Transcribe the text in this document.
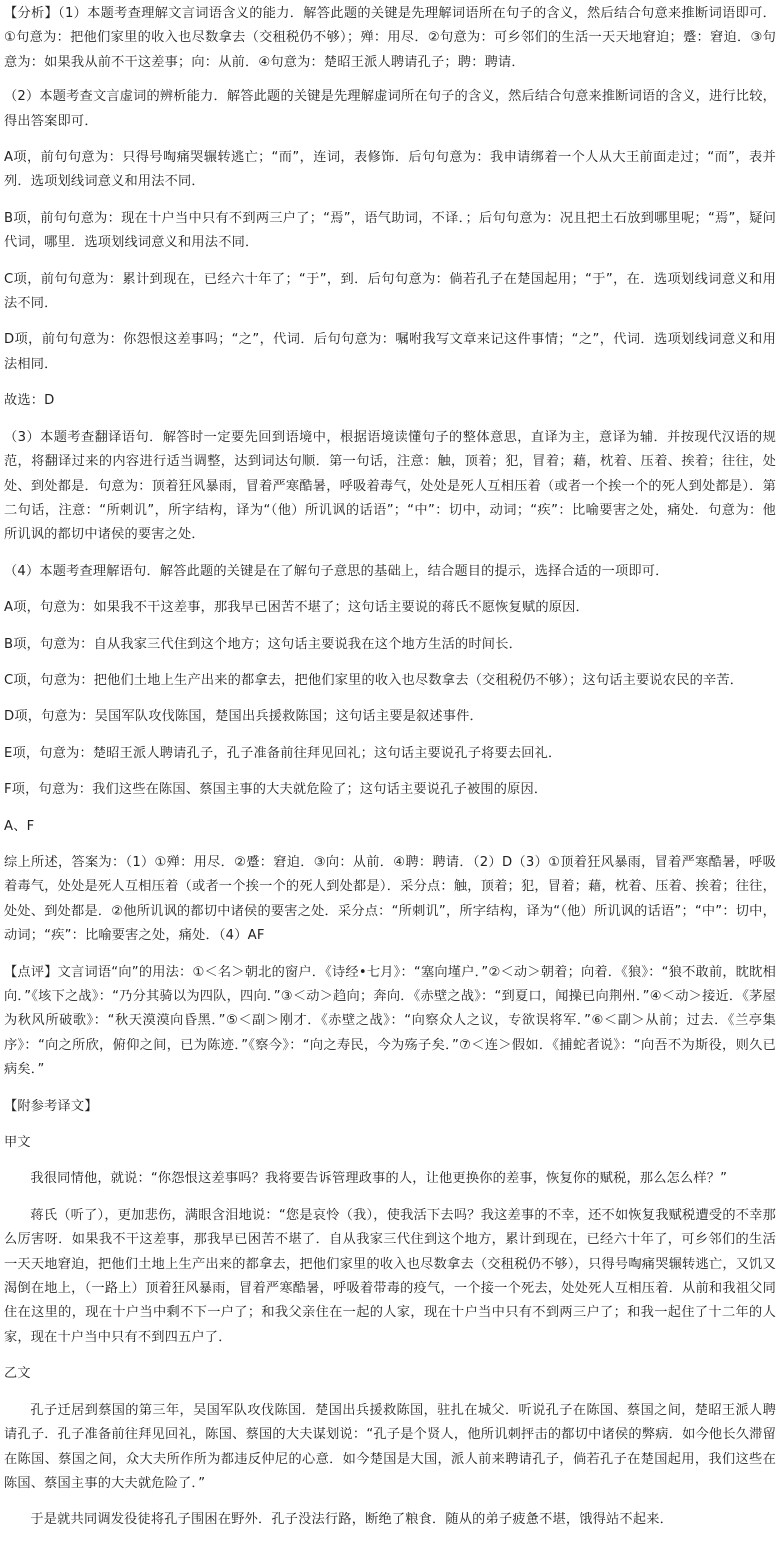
【分析】（1）本题考查理解文言词语含义的能力．解答此题的关键是先理解词语所在句子的含义，然后结合句意来推断词语即可．①句意为：把他们家里的收入也尽数拿去（交租税仍不够）；殚：用尽．②句意为：可乡邻们的生活一天天地窘迫；蹙：窘迫．③句意为：如果我从前不干这差事；向：从前．④句意为：楚昭王派人聘请孔子；聘：聘请．

（2）本题考查文言虚词的辨析能力．解答此题的关键是先理解虚词所在句子的含义，然后结合句意来推断词语的含义，进行比较，得出答案即可．

A项，前句句意为：只得号啕痛哭辗转逃亡；“而”，连词，表修饰．后句句意为：我申请绑着一个人从大王前面走过；“而”，表并列．选项划线词意义和用法不同．

B项，前句句意为：现在十户当中只有不到两三户了；“焉”，语气助词，不译．；后句句意为：况且把土石放到哪里呢；“焉”，疑问代词，哪里．选项划线词意义和用法不同．

C项，前句句意为：累计到现在，已经六十年了；“于”，到．后句句意为：倘若孔子在楚国起用；“于”，在．选项划线词意义和用法不同．

D项，前句句意为：你怨恨这差事吗；“之”，代词．后句句意为：嘱咐我写文章来记这件事情；“之”，代词．选项划线词意义和用法相同．

故选：D

（3）本题考查翻译语句．解答时一定要先回到语境中，根据语境读懂句子的整体意思，直译为主，意译为辅．并按现代汉语的规范，将翻译过来的内容进行适当调整，达到词达句顺．第一句话，注意：触，顶着；犯，冒着；藉，枕着、压着、挨着；往往，处处、到处都是．句意为：顶着狂风暴雨，冒着严寒酷暑，呼吸着毒气，处处是死人互相压着（或者一个挨一个的死人到处都是）．第二句话，注意：“所刺讥”，所字结构，译为“（他）所讥讽的话语”；“中”：切中，动词；“疾”：比喻要害之处，痛处．句意为：他所讥讽的都切中诸侯的要害之处．

（4）本题考查理解语句．解答此题的关键是在了解句子意思的基础上，结合题目的提示，选择合适的一项即可．

A项，句意为：如果我不干这差事，那我早已困苦不堪了；这句话主要说的蒋氏不愿恢复赋的原因．

B项，句意为：自从我家三代住到这个地方；这句话主要说我在这个地方生活的时间长．

C项，句意为：把他们土地上生产出来的都拿去，把他们家里的收入也尽数拿去（交租税仍不够）；这句话主要说农民的辛苦．

D项，句意为：吴国军队攻伐陈国，楚国出兵援救陈国；这句话主要是叙述事件．

E项，句意为：楚昭王派人聘请孔子，孔子准备前往拜见回礼；这句话主要说孔子将要去回礼．

F项，句意为：我们这些在陈国、蔡国主事的大夫就危险了；这句话主要说孔子被围的原因．

A、F

综上所述，答案为：（1）①殚：用尽．②蹙：窘迫．③向：从前．④聘：聘请．（2）D（3）①顶着狂风暴雨，冒着严寒酷暑，呼吸着毒气，处处是死人互相压着（或者一个挨一个的死人到处都是）．采分点：触，顶着；犯，冒着；藉，枕着、压着、挨着；往往，处处、到处都是．②他所讥讽的都切中诸侯的要害之处．采分点：“所刺讥”，所字结构，译为“（他）所讥讽的话语”；“中”：切中，动词；“疾”：比喻要害之处，痛处．（4）AF

【点评】文言词语“向”的用法：①＜名＞朝北的窗户．《诗经•七月》：“塞向墐户．”②＜动＞朝着；向着．《狼》：“狼不敢前，眈眈相向．”《垓下之战》：“乃分其骑以为四队，四向．”③＜动＞趋向；奔向．《赤壁之战》：“到夏口，闻操已向荆州．”④＜动＞接近．《茅屋为秋风所破歌》：“秋天漠漠向昏黑．”⑤＜副＞刚才．《赤壁之战》：“向察众人之议，专欲误将军．”⑥＜副＞从前；过去．《兰亭集序》：“向之所欣，俯仰之间，已为陈迹．”《察今》：“向之寿民，今为殇子矣．”⑦＜连＞假如．《捕蛇者说》：“向吾不为斯役，则久已病矣．”

【附参考译文】

甲文

我很同情他，就说：“你怨恨这差事吗？我将要告诉管理政事的人，让他更换你的差事，恢复你的赋税，那么怎么样？”

蒋氏（听了），更加悲伤，满眼含泪地说：“您是哀怜（我），使我活下去吗？我这差事的不幸，还不如恢复我赋税遭受的不幸那么厉害呀．如果我不干这差事，那我早已困苦不堪了．自从我家三代住到这个地方，累计到现在，已经六十年了，可乡邻们的生活一天天地窘迫，把他们土地上生产出来的都拿去，把他们家里的收入也尽数拿去（交租税仍不够），只得号啕痛哭辗转逃亡，又饥又渴倒在地上，（一路上）顶着狂风暴雨，冒着严寒酷暑，呼吸着带毒的疫气，一个接一个死去，处处死人互相压着．从前和我祖父同住在这里的，现在十户当中剩不下一户了；和我父亲住在一起的人家，现在十户当中只有不到两三户了；和我一起住了十二年的人家，现在十户当中只有不到四五户了．

乙文

孔子迁居到蔡国的第三年，吴国军队攻伐陈国．楚国出兵援救陈国，驻扎在城父．听说孔子在陈国、蔡国之间，楚昭王派人聘请孔子．孔子准备前往拜见回礼，陈国、蔡国的大夫谋划说：“孔子是个贤人，他所讥刺抨击的都切中诸侯的弊病．如今他长久滞留在陈国、蔡国之间，众大夫所作所为都违反仲尼的心意．如今楚国是大国，派人前来聘请孔子，倘若孔子在楚国起用，我们这些在陈国、蔡国主事的大夫就危险了．”

于是就共同调发役徒将孔子围困在野外．孔子没法行路，断绝了粮食．随从的弟子疲惫不堪，饿得站不起来．
